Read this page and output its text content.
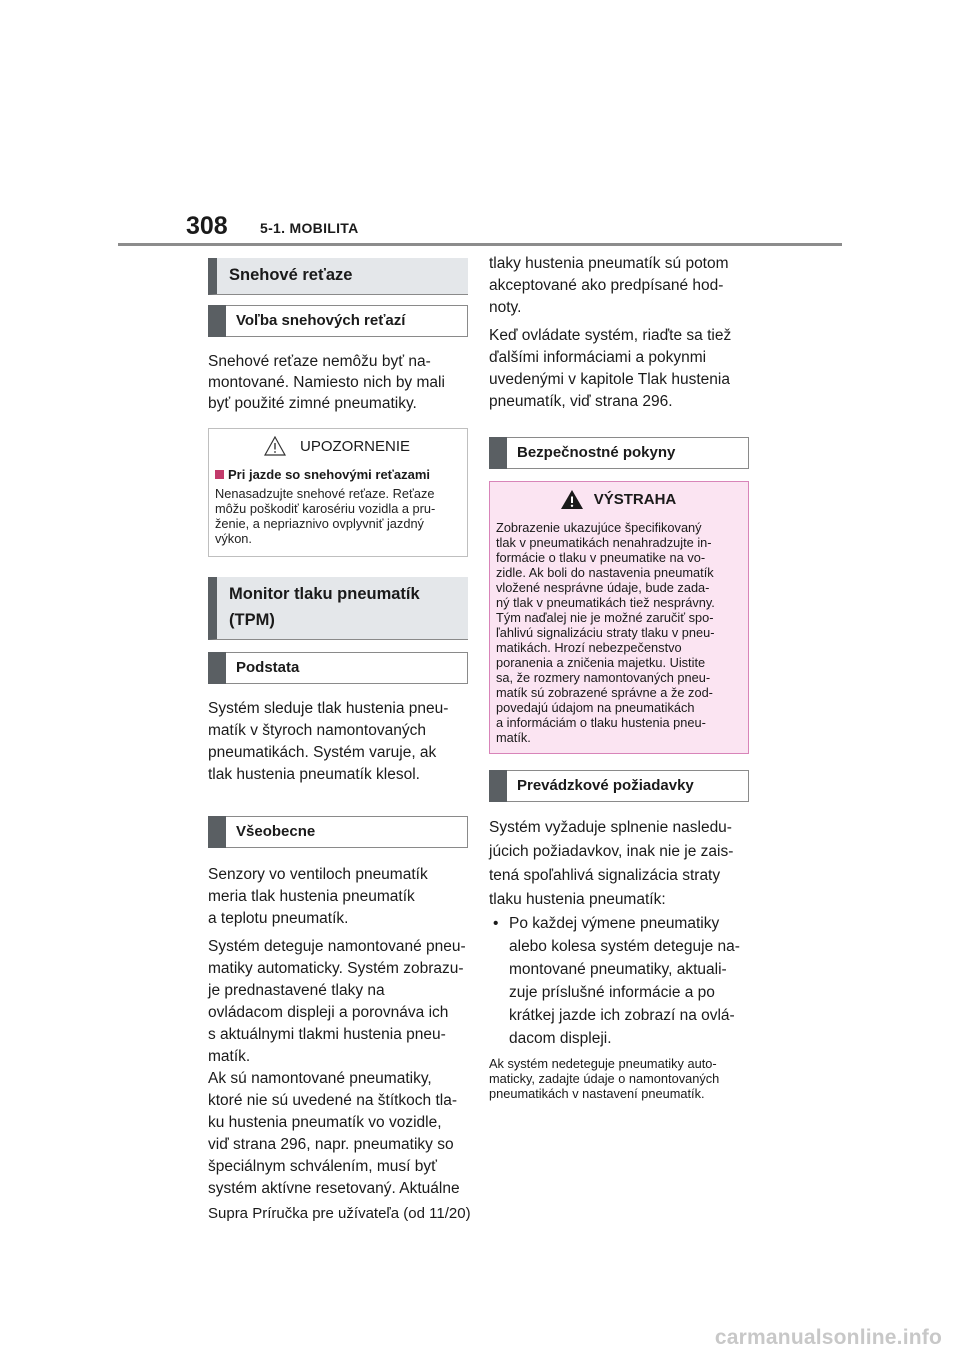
308 5-1. MOBILITA
Snehové reťaze
Voľba snehových reťazí

Snehové reťaze nemôžu byť na-
montované. Namiesto nich by mali
byť použité zimné pneumatiky.

UPOZORNENIE
Pri jazde so snehovými reťazami

Nenasadzujte snehové reťaze. Reťaze
môžu poškodiť karosériu vozidla a pru-
ženie, a nepriaznivo ovplyvniť jazdný
výkon.

Monitor tlaku pneumatík
(TPM)
Podstata

Systém sleduje tlak hustenia pneu-
matík v štyroch namontovaných
pneumatikách. Systém varuje, ak
tlak hustenia pneumatík klesol.

Všeobecne

Senzory vo ventiloch pneumatík
meria tlak hustenia pneumatík
a teplotu pneumatík.

Systém deteguje namontované pneu-
matiky automaticky. Systém zobrazu-
je prednastavené tlaky na
ovládacom displeji a porovnáva ich
s aktuálnymi tlakmi hustenia pneu-
matík.

Ak sú namontované pneumatiky,
ktoré nie sú uvedené na štítkoch tla-
ku hustenia pneumatík vo vozidle,
viď strana 296, napr. pneumatiky so
špeciálnym schválením, musí byť
systém aktívne resetovaný. Aktuálne

tlaky hustenia pneumatík sú potom
akceptované ako predpísané hod-
noty.

Keď ovládate systém, riaďte sa tiež
ďalšími informáciami a pokynmi
uvedenými v kapitole Tlak hustenia
pneumatík, viď strana 296.

Bezpečnostné pokyny
VÝSTRAHA

Zobrazenie ukazujúce špecifikovaný
tlak v pneumatikách nenahradzujte in-
formácie o tlaku v pneumatike na vo-
zidle. Ak boli do nastavenia pneumatík
vložené nesprávne údaje, bude zada-
ný tlak v pneumatikách tiež nesprávny.
Tým naďalej nie je možné zaručiť spo-
ľahlivú signalizáciu straty tlaku v pneu-
matikách. Hrozí nebezpečenstvo
poranenia a zničenia majetku. Uistite
sa, že rozmery namontovaných pneu-
matík sú zobrazené správne a že zod-
povedajú údajom na pneumatikách
a informáciám o tlaku hustenia pneu-
matík.

Prevádzkové požiadavky

Systém vyžaduje splnenie nasledu-
júcich požiadavkov, inak nie je zais-
tená spoľahlivá signalizácia straty
tlaku hustenia pneumatík:

• Po každej výmene pneumatiky
alebo kolesa systém deteguje na-
montované pneumatiky, aktuali-
zuje príslušné informácie a po
krátkej jazde ich zobrazí na ovlá-
dacom displeji.

Ak systém nedeteguje pneumatiky auto-
maticky, zadajte údaje o namontovaných
pneumatikách v nastavení pneumatík.

Supra Príručka pre užívateľa (od 11/20)
carmanualsonline.info
